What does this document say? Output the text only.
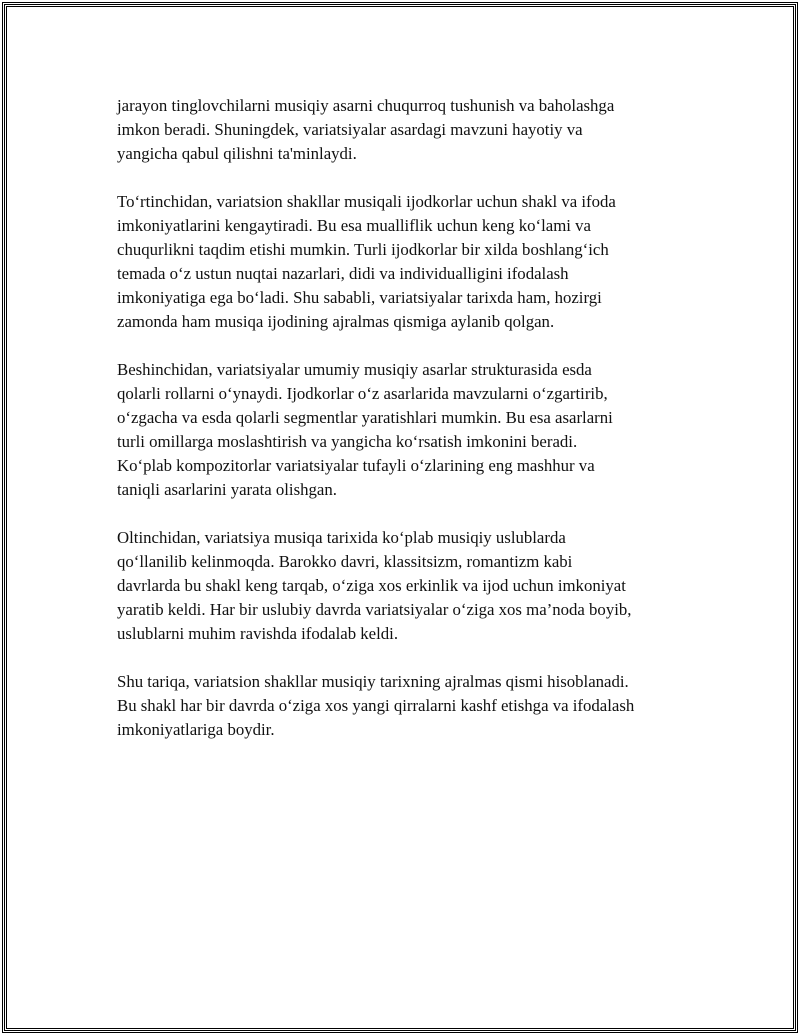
jarayon tinglovchilarni musiqiy asarni chuqurroq tushunish va baholashga
imkon beradi. Shuningdek, variatsiyalar asardagi mavzuni hayotiy va
yangicha qabul qilishni ta'minlaydi.

To‘rtinchidan, variatsion shakllar musiqali ijodkorlar uchun shakl va ifoda
imkoniyatlarini kengaytiradi. Bu esa mualliflik uchun keng ko‘lami va
chuqurlikni taqdim etishi mumkin. Turli ijodkorlar bir xilda boshlang‘ich
temada o‘z ustun nuqtai nazarlari, didi va individualligini ifodalash
imkoniyatiga ega bo‘ladi. Shu sababli, variatsiyalar tarixda ham, hozirgi
zamonda ham musiqa ijodining ajralmas qismiga aylanib qolgan.

Beshinchidan, variatsiyalar umumiy musiqiy asarlar strukturasida esda
qolarli rollarni o‘ynaydi. Ijodkorlar o‘z asarlarida mavzularni o‘zgartirib,
o‘zgacha va esda qolarli segmentlar yaratishlari mumkin. Bu esa asarlarni
turli omillarga moslashtirish va yangicha ko‘rsatish imkonini beradi.
Ko‘plab kompozitorlar variatsiyalar tufayli o‘zlarining eng mashhur va
taniqli asarlarini yarata olishgan.

Oltinchidan, variatsiya musiqa tarixida ko‘plab musiqiy uslublarda
qo‘llanilib kelinmoqda. Barokko davri, klassitsizm, romantizm kabi
davrlarda bu shakl keng tarqab, o‘ziga xos erkinlik va ijod uchun imkoniyat
yaratib keldi. Har bir uslubiy davrda variatsiyalar o‘ziga xos ma’noda boyib,
uslublarni muhim ravishda ifodalab keldi.

Shu tariqa, variatsion shakllar musiqiy tarixning ajralmas qismi hisoblanadi.
Bu shakl har bir davrda o‘ziga xos yangi qirralarni kashf etishga va ifodalash
imkoniyatlariga boydir.
